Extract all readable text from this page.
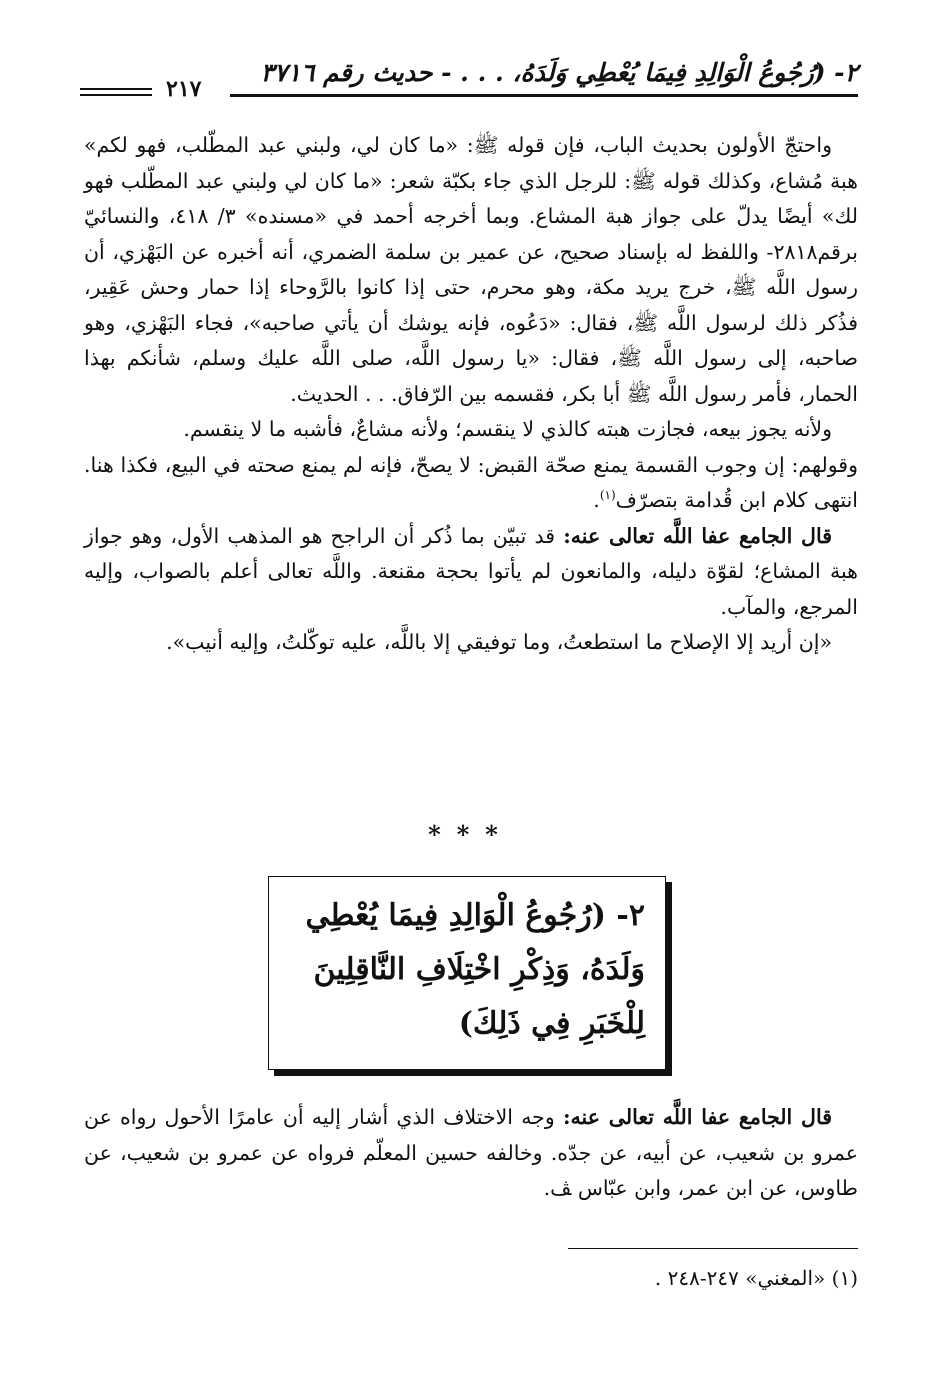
٢- (رُجُوعُ الْوَالِدِ فِيمَا يُعْطِي وَلَدَهُ، . . . - حديث رقم ٣٧١٦
٢١٧

واحتجّ الأولون بحديث الباب، فإن قوله ﷺ: «ما كان لي، ولبني عبد المطّلب، فهو لكم» هبة مُشاع، وكذلك قوله ﷺ: للرجل الذي جاء بكبّة شعر: «ما كان لي ولبني عبد المطّلب فهو لك» أيضًا يدلّ على جواز هبة المشاع. وبما أخرجه أحمد في «مسنده» ٣/ ٤١٨، والنسائيّ برقم٢٨١٨- واللفظ له بإسناد صحيح، عن عمير بن سلمة الضمري، أنه أخبره عن البَهْزي، أن رسول اللَّه ﷺ، خرج يريد مكة، وهو محرم، حتى إذا كانوا بالرَّوحاء إذا حمار وحش عَقِير، فذُكر ذلك لرسول اللَّه ﷺ، فقال: «دَعُوه، فإنه يوشك أن يأتي صاحبه»، فجاء البَهْزي، وهو صاحبه، إلى رسول اللَّه ﷺ، فقال: «يا رسول اللَّه، صلى اللَّه عليك وسلم، شأنكم بهذا الحمار، فأمر رسول اللَّه ﷺ أبا بكر، فقسمه بين الرّفاق. . . الحديث.

ولأنه يجوز بيعه، فجازت هبته كالذي لا ينقسم؛ ولأنه مشاعٌ، فأشبه ما لا ينقسم.

وقولهم: إن وجوب القسمة يمنع صحّة القبض: لا يصحّ، فإنه لم يمنع صحته في البيع، فكذا هنا. انتهى كلام ابن قُدامة بتصرّف$^{(١)}$.

قال الجامع عفا اللَّه تعالى عنه: قد تبيّن بما ذُكر أن الراجح هو المذهب الأول، وهو جواز هبة المشاع؛ لقوّة دليله، والمانعون لم يأتوا بحجة مقنعة. واللَّه تعالى أعلم بالصواب، وإليه المرجع، والمآب.

«إن أريد إلا الإصلاح ما استطعتُ، وما توفيقي إلا باللَّه، عليه توكّلتُ، وإليه أنيب».

***
٢- (رُجُوعُ الْوَالِدِ فِيمَا يُعْطِي وَلَدَهُ، وَذِكْرِ اخْتِلَافِ النَّاقِلِينَ لِلْخَبَرِ فِي ذَلِكَ)

قال الجامع عفا اللَّه تعالى عنه: وجه الاختلاف الذي أشار إليه أن عامرًا الأحول رواه عن عمرو بن شعيب، عن أبيه، عن جدّه. وخالفه حسين المعلّم فرواه عن عمرو بن شعيب، عن طاوس، عن ابن عمر، وابن عبّاس ﭫ.

(١) «المغني» ٢٤٧-٢٤٨ .
